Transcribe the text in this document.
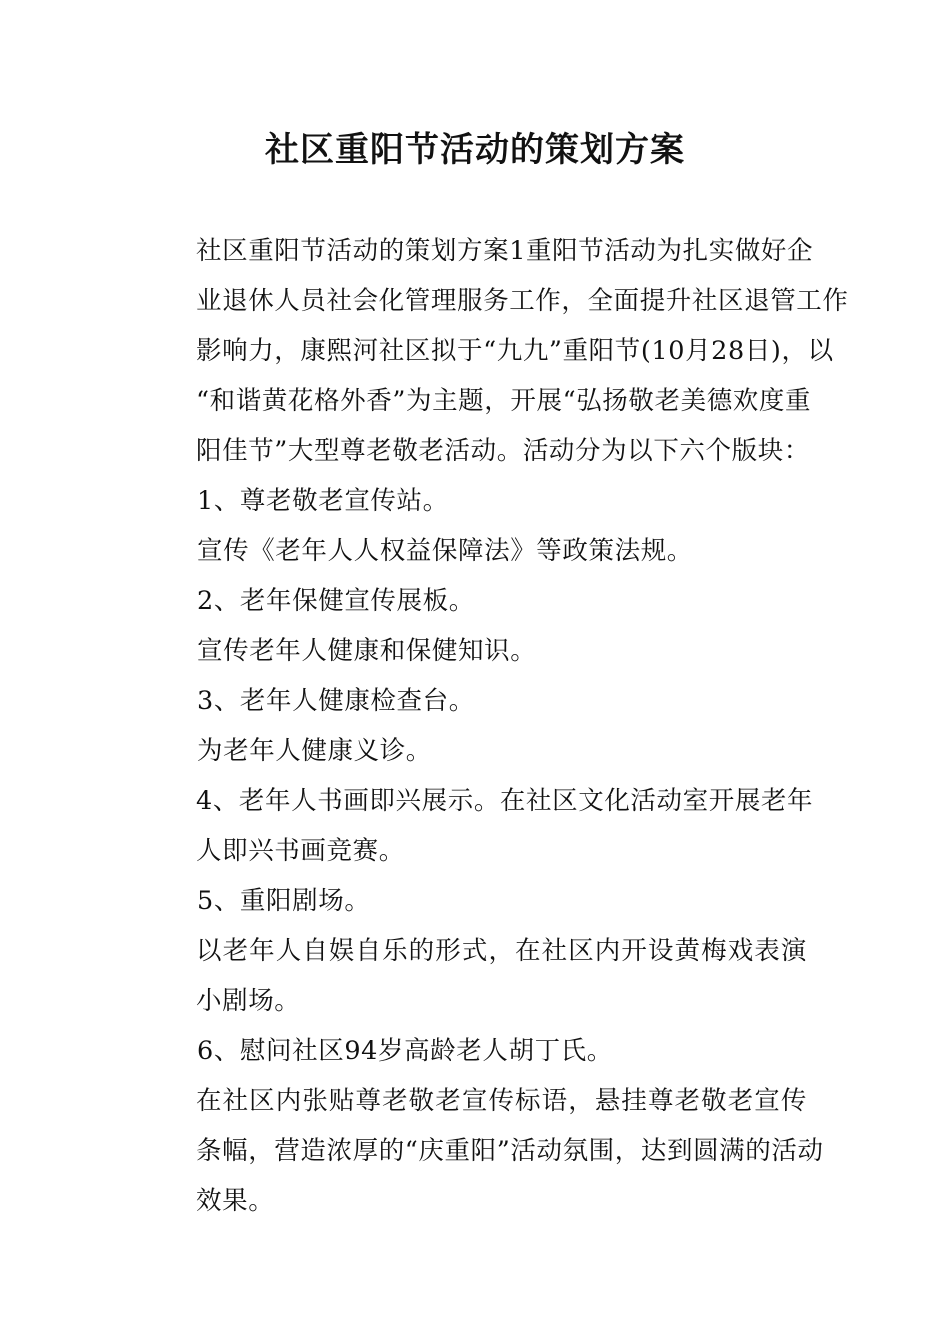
社区重阳节活动的策划方案

社区重阳节活动的策划方案1重阳节活动为扎实做好企
业退休人员社会化管理服务工作，全面提升社区退管工作
影响力，康熙河社区拟于“九九”重阳节(10月28日)，以
“和谐黄花格外香”为主题，开展“弘扬敬老美德欢度重
阳佳节”大型尊老敬老活动。活动分为以下六个版块：

1、尊老敬老宣传站。

宣传《老年人人权益保障法》等政策法规。

2、老年保健宣传展板。

宣传老年人健康和保健知识。

3、老年人健康检查台。

为老年人健康义诊。

4、老年人书画即兴展示。在社区文化活动室开展老年
人即兴书画竞赛。

5、重阳剧场。

以老年人自娱自乐的形式，在社区内开设黄梅戏表演
小剧场。

6、慰问社区94岁高龄老人胡丁氏。

在社区内张贴尊老敬老宣传标语，悬挂尊老敬老宣传
条幅，营造浓厚的“庆重阳”活动氛围，达到圆满的活动
效果。
